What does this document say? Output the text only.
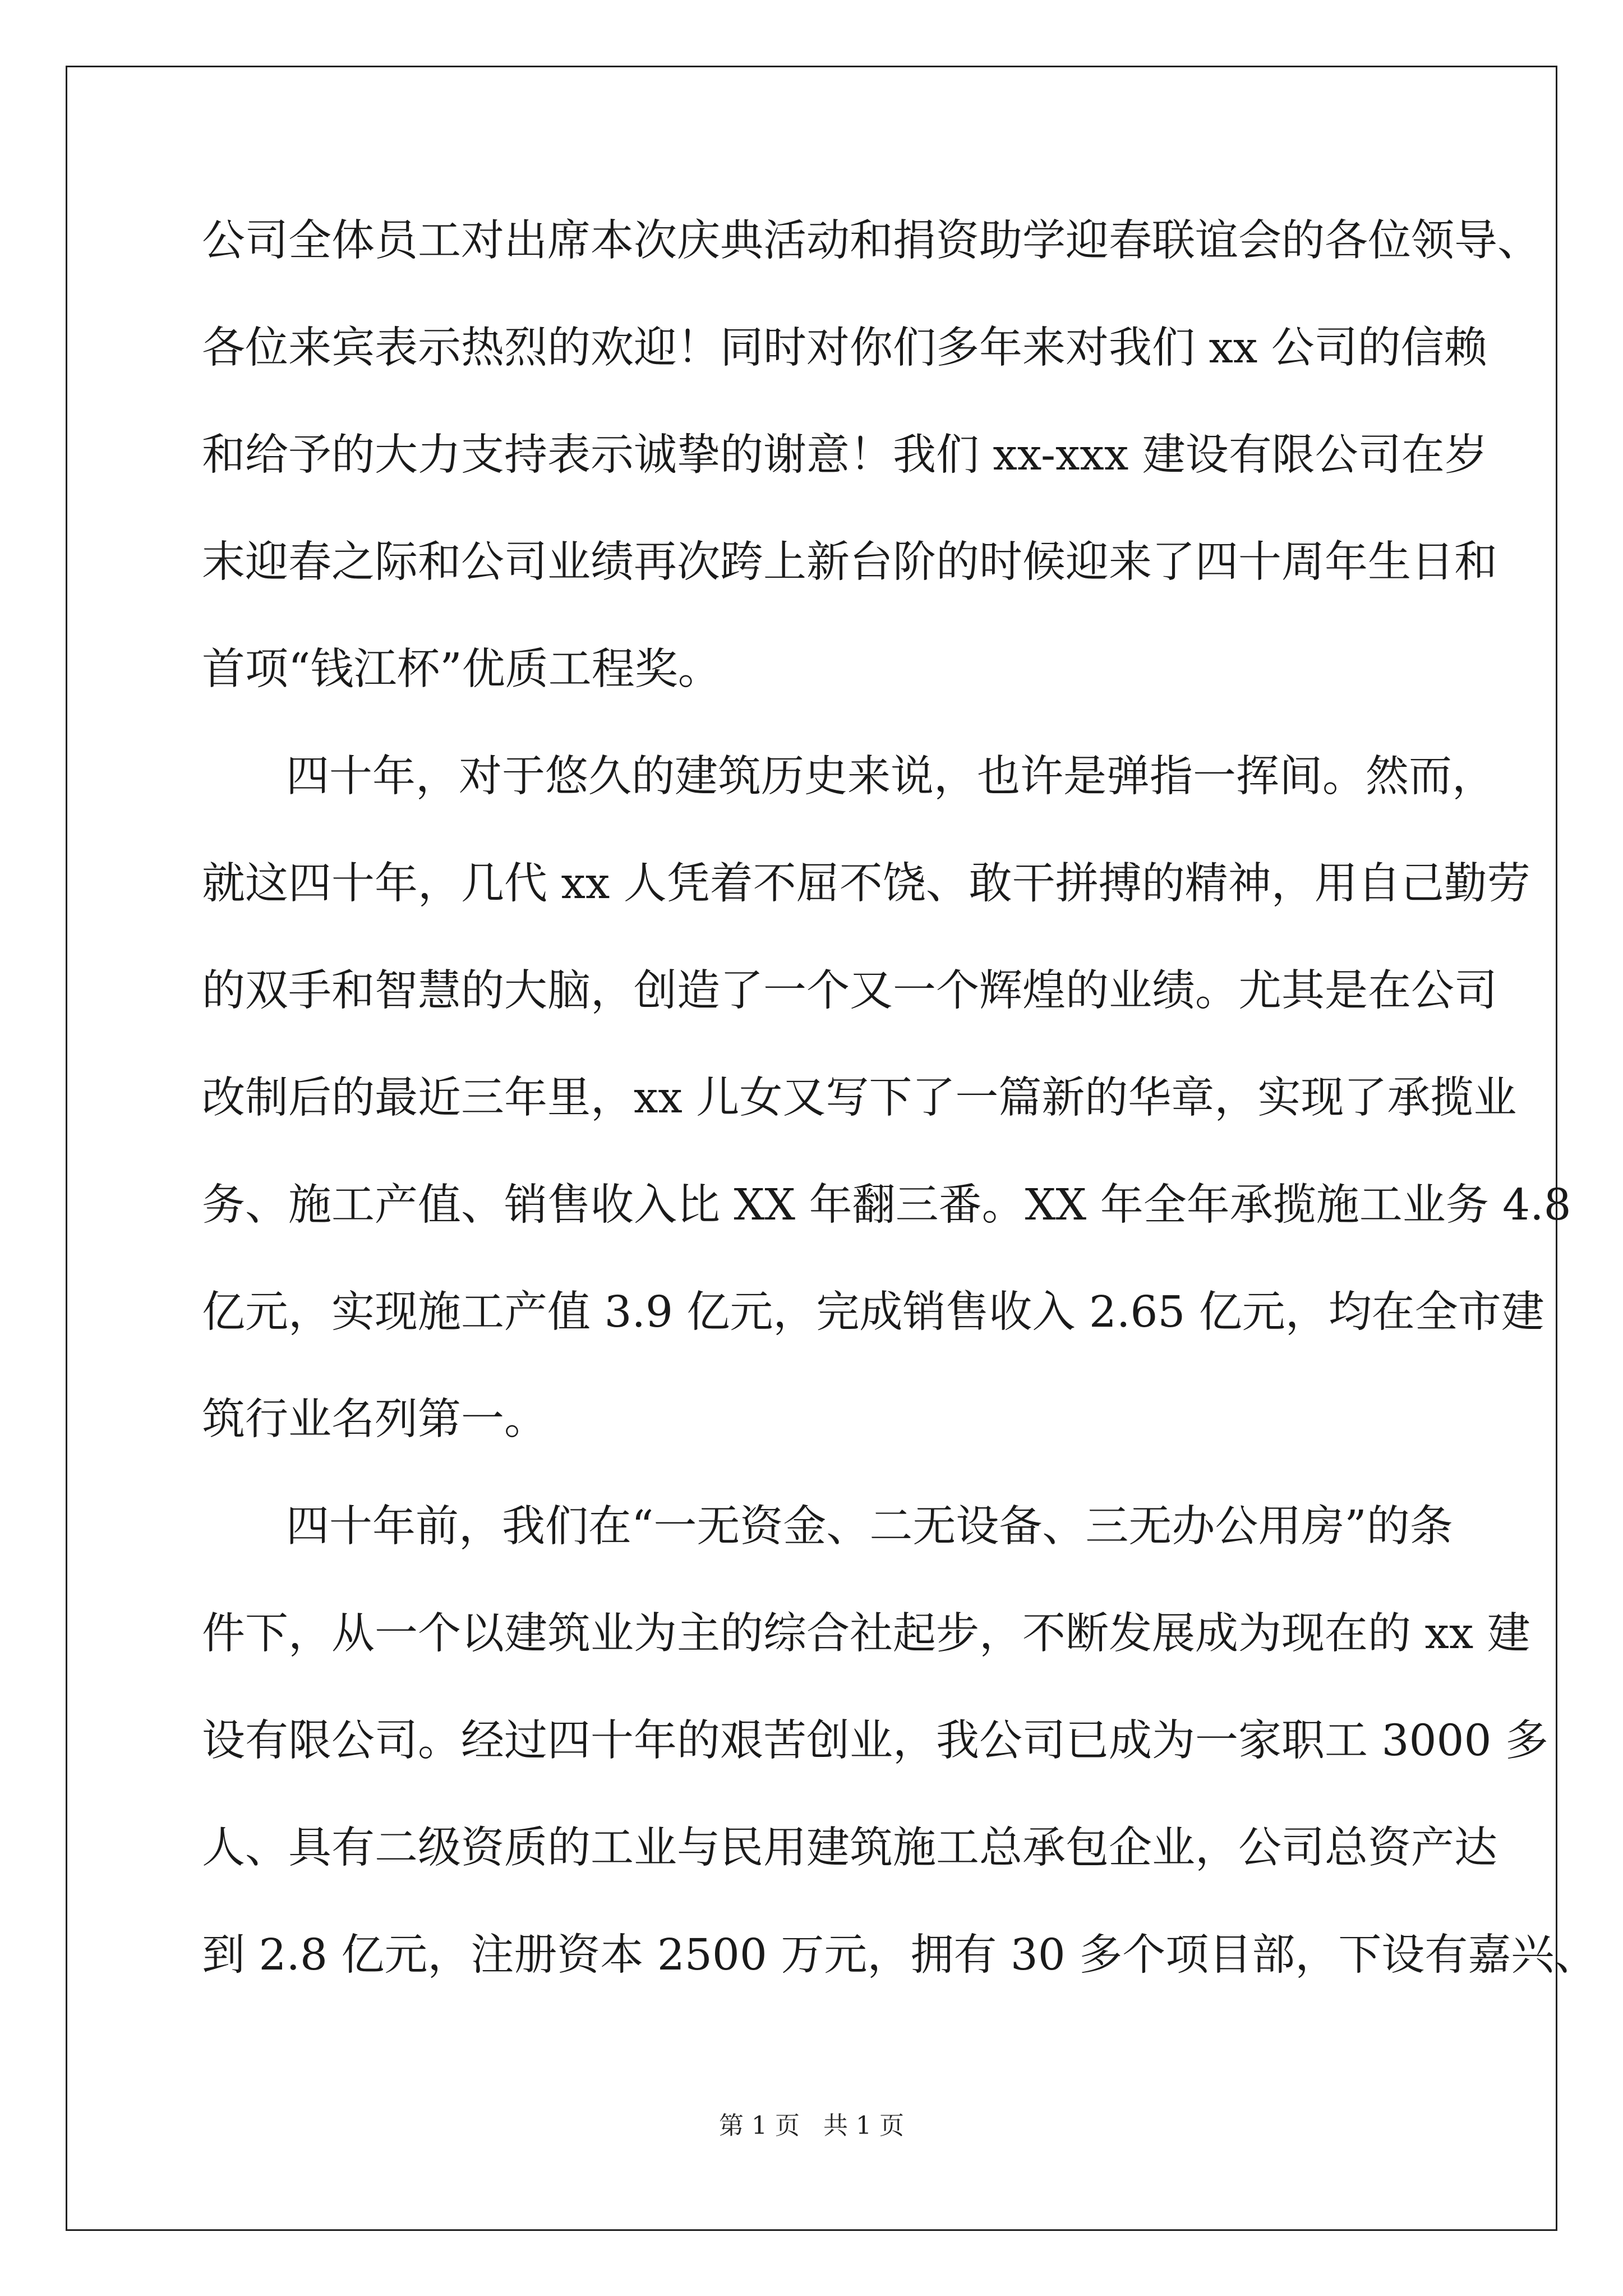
公司全体员工对出席本次庆典活动和捐资助学迎春联谊会的各位领导、
各位来宾表示热烈的欢迎！同时对你们多年来对我们 xx 公司的信赖
和给予的大力支持表示诚挚的谢意！我们 xx-xxx 建设有限公司在岁
末迎春之际和公司业绩再次跨上新台阶的时候迎来了四十周年生日和
首项“钱江杯”优质工程奖。
四十年，对于悠久的建筑历史来说，也许是弹指一挥间。然而，
就这四十年，几代 xx 人凭着不屈不饶、敢干拼搏的精神，用自己勤劳
的双手和智慧的大脑，创造了一个又一个辉煌的业绩。尤其是在公司
改制后的最近三年里，xx 儿女又写下了一篇新的华章，实现了承揽业
务、施工产值、销售收入比 XX 年翻三番。XX 年全年承揽施工业务 4.8
亿元，实现施工产值 3.9 亿元，完成销售收入 2.65 亿元，均在全市建
筑行业名列第一。
四十年前，我们在“一无资金、二无设备、三无办公用房”的条
件下，从一个以建筑业为主的综合社起步，不断发展成为现在的 xx 建
设有限公司。经过四十年的艰苦创业，我公司已成为一家职工 3000 多
人、具有二级资质的工业与民用建筑施工总承包企业，公司总资产达
到 2.8 亿元，注册资本 2500 万元，拥有 30 多个项目部，下设有嘉兴、
第 1 页 共 1 页
